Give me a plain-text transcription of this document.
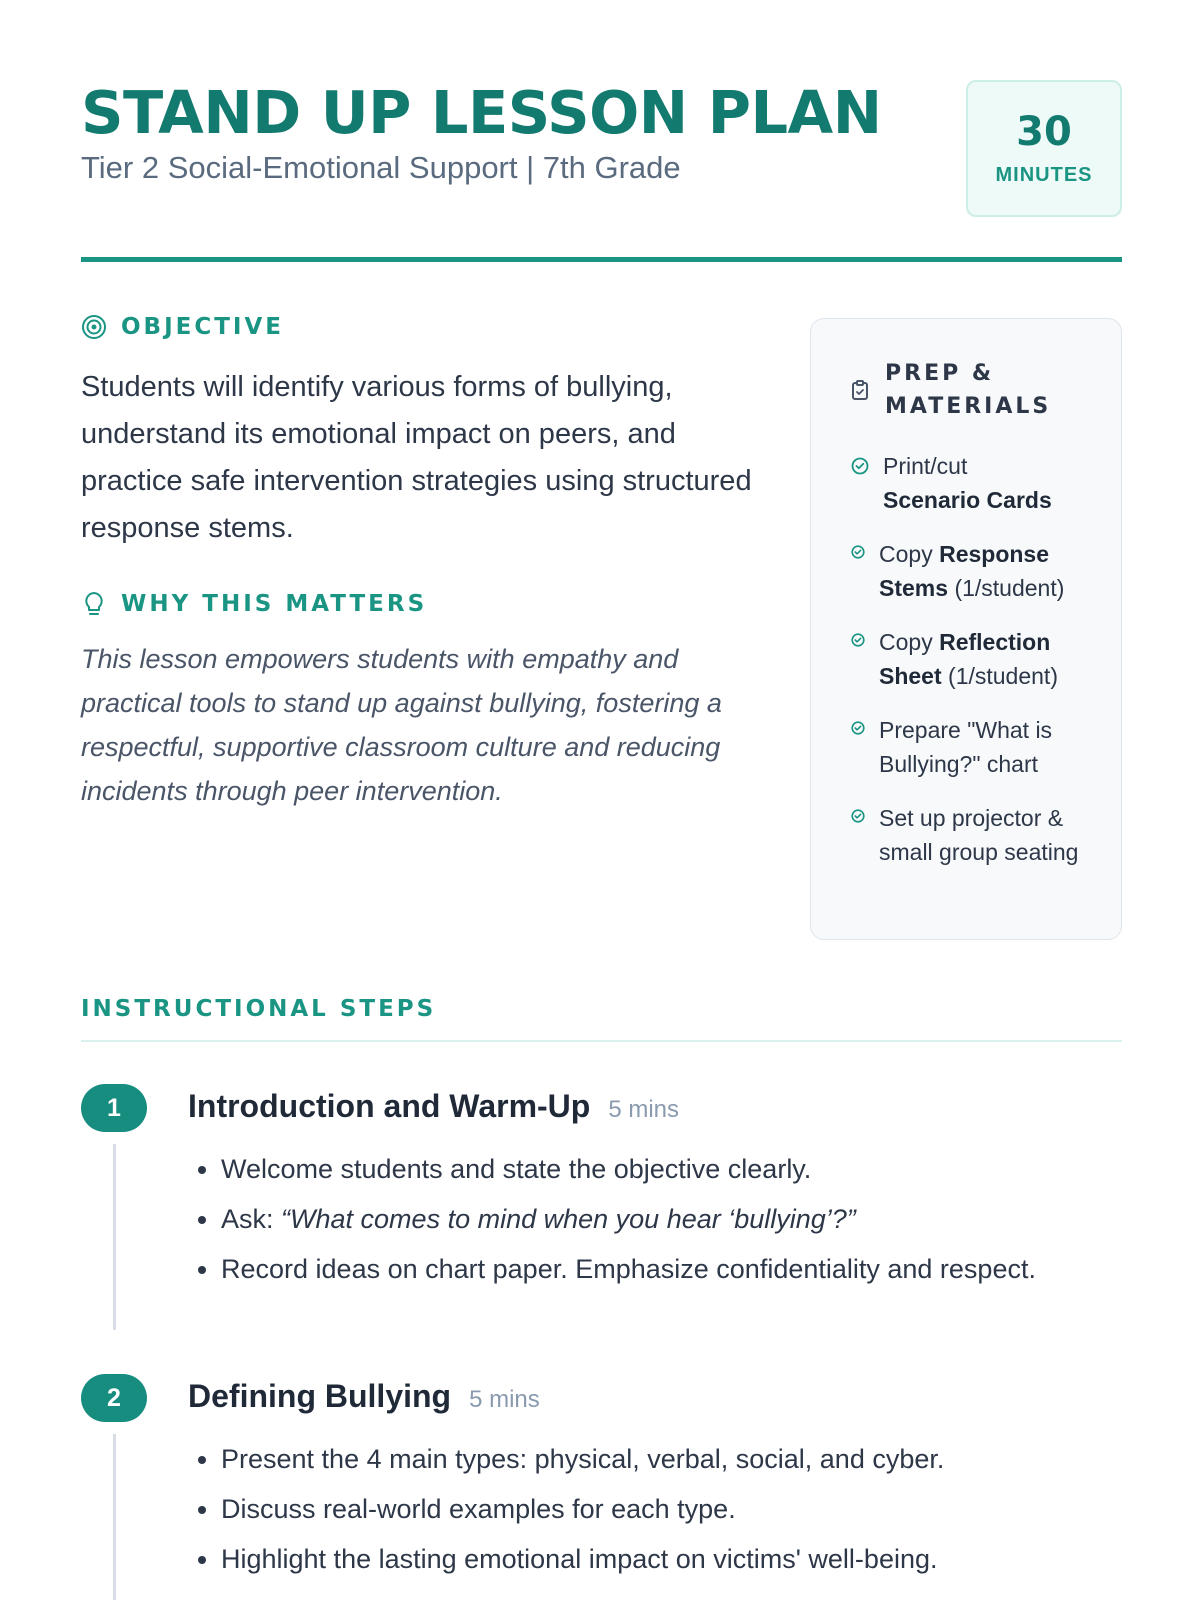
STAND UP LESSON PLAN
Tier 2 Social-Emotional Support | 7th Grade
30
MINUTES
OBJECTIVE

Students will identify various forms of bullying, understand its emotional impact on peers, and practice safe intervention strategies using structured response stems.

WHY THIS MATTERS

This lesson empowers students with empathy and practical tools to stand up against bullying, fostering a respectful, supportive classroom culture and reducing incidents through peer intervention.

PREP &
MATERIALS
Print/cut
Scenario Cards
Copy Response Stems (1/student)
Copy Reflection Sheet (1/student)
Prepare "What is Bullying?" chart
Set up projector & small group seating
INSTRUCTIONAL STEPS
1	Introduction and Warm-Up 5 mins
• Welcome students and state the objective clearly.
• Ask: “What comes to mind when you hear ‘bullying’?”
• Record ideas on chart paper. Emphasize confidentiality and respect.
2	Defining Bullying 5 mins
• Present the 4 main types: physical, verbal, social, and cyber.
• Discuss real-world examples for each type.
• Highlight the lasting emotional impact on victims' well-being.
